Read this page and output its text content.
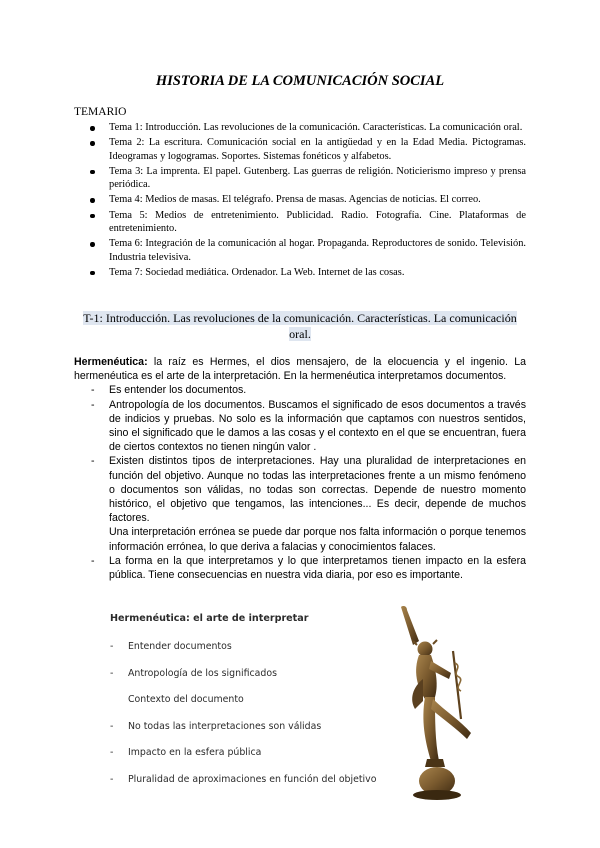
HISTORIA DE LA COMUNICACIÓN SOCIAL
TEMARIO
Tema 1: Introducción. Las revoluciones de la comunicación. Características. La comunicación oral.
Tema 2: La escritura. Comunicación social en la antigüedad y en la Edad Media. Pictogramas. Ideogramas y logogramas. Soportes. Sistemas fonéticos y alfabetos.
Tema 3: La imprenta. El papel. Gutenberg. Las guerras de religión. Noticierismo impreso y prensa periódica.
Tema 4: Medios de masas. El telégrafo. Prensa de masas. Agencias de noticias. El correo.
Tema 5: Medios de entretenimiento. Publicidad. Radio. Fotografía. Cine. Plataformas de entretenimiento.
Tema 6: Integración de la comunicación al hogar. Propaganda. Reproductores de sonido. Televisión. Industria televisiva.
Tema 7: Sociedad mediática. Ordenador. La Web. Internet de las cosas.
T-1: Introducción. Las revoluciones de la comunicación. Características. La comunicación oral.

Hermenéutica: la raíz es Hermes, el dios mensajero, de la elocuencia y el ingenio. La hermenéutica es el arte de la interpretación. En la hermenéutica interpretamos documentos.

- Es entender los documentos.
- Antropología de los documentos. Buscamos el significado de esos documentos a través de indicios y pruebas. No solo es la información que captamos con nuestros sentidos, sino el significado que le damos a las cosas y el contexto en el que se encuentran, fuera de ciertos contextos no tienen ningún valor .
- Existen distintos tipos de interpretaciones. Hay una pluralidad de interpretaciones en función del objetivo. Aunque no todas las interpretaciones frente a un mismo fenómeno o documentos son válidas, no todas son correctas. Depende de nuestro momento histórico, el objetivo que tengamos, las intenciones... Es decir, depende de muchos factores.
Una interpretación errónea se puede dar porque nos falta información o porque tenemos información errónea, lo que deriva a falacias y conocimientos falaces.
- La forma en la que interpretamos y lo que interpretamos tienen impacto en la esfera pública. Tiene consecuencias en nuestra vida diaria, por eso es importante.
Hermenéutica: el arte de interpretar
- Entender documentos
- Antropología de los significados
Contexto del documento
- No todas las interpretaciones son válidas
- Impacto en la esfera pública
- Pluralidad de aproximaciones en función del objetivo
